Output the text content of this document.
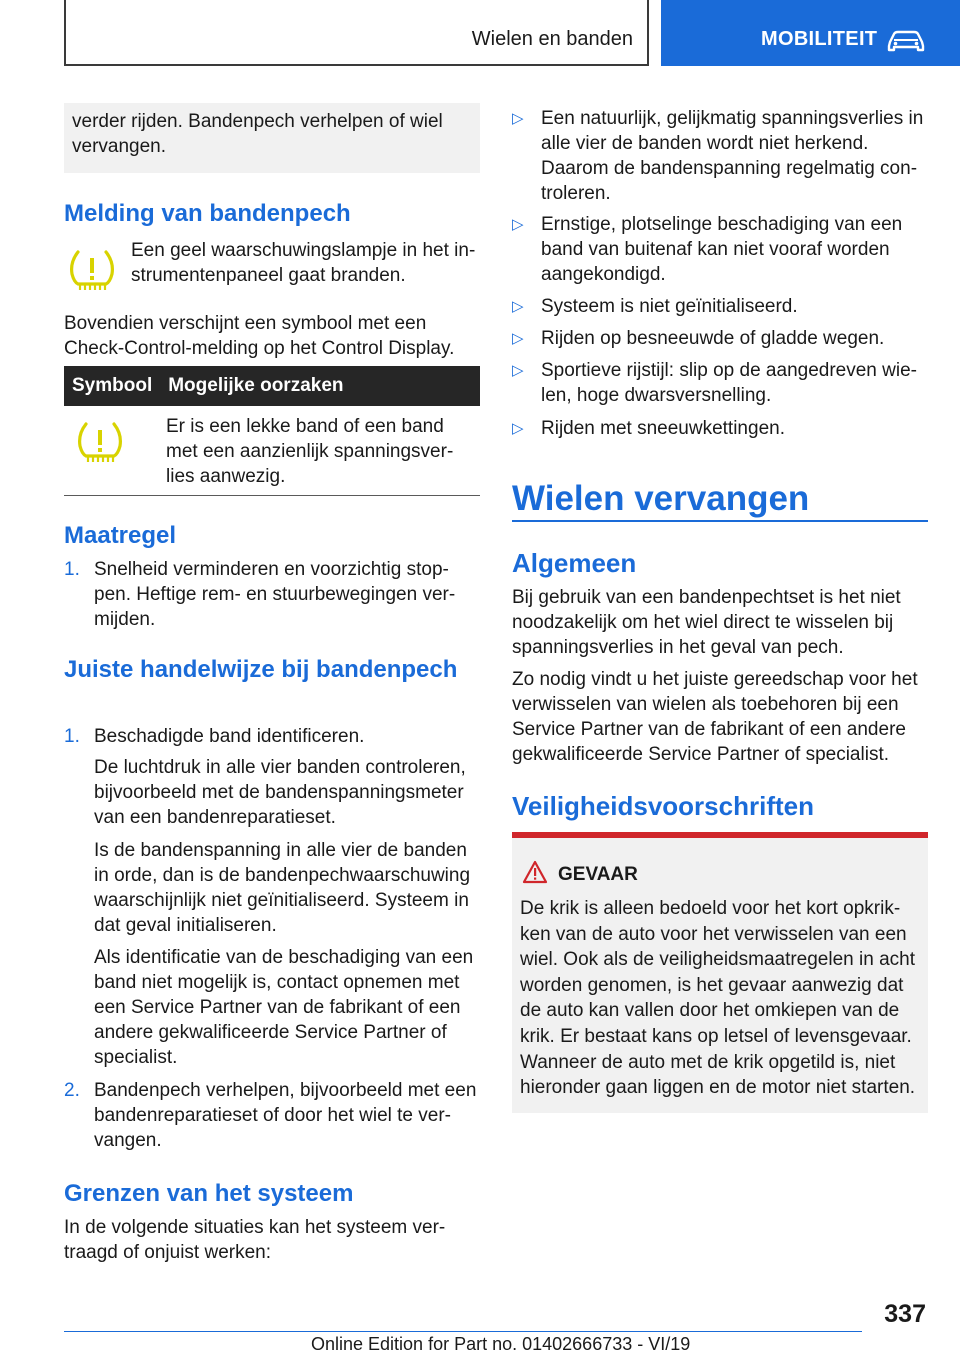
Wielen en banden	MOBILITEIT

verder rijden. Bandenpech verhelpen of wiel vervangen.

Melding van bandenpech

Een geel waarschuwingslampje in het in-strumentenpaneel gaat branden.

Bovendien verschijnt een symbool met een Check-Control-melding op het Control Display.

Symbool	Mogelijke oorzaken

Er is een lekke band of een band met een aanzienlijk spanningsver-lies aanwezig.

Maatregel
1. Snelheid verminderen en voorzichtig stop-pen. Heftige rem- en stuurbewegingen ver-mijden.

Juiste handelwijze bij bandenpech
1. Beschadigde band identificeren.

De luchtdruk in alle vier banden controleren, bijvoorbeeld met de bandenspanningsmeter van een bandenreparatieset.

Is de bandenspanning in alle vier de banden in orde, dan is de bandenpechwaarschuwing waarschijnlijk niet geïnitialiseerd. Systeem in dat geval initialiseren.

Als identificatie van de beschadiging van een band niet mogelijk is, contact opnemen met een Service Partner van de fabrikant of een andere gekwalificeerde Service Partner of specialist.

2. Bandenpech verhelpen, bijvoorbeeld met een bandenreparatieset of door het wiel te ver-vangen.

Grenzen van het systeem

In de volgende situaties kan het systeem ver-traagd of onjuist werken:

▷ Een natuurlijk, gelijkmatig spanningsverlies in alle vier de banden wordt niet herkend. Daarom de bandenspanning regelmatig con-troleren.

▷ Ernstige, plotselinge beschadiging van een band van buitenaf kan niet vooraf worden aangekondigd.

▷ Systeem is niet geïnitialiseerd.

▷ Rijden op besneeuwde of gladde wegen.

▷ Sportieve rijstijl: slip op de aangedreven wie-len, hoge dwarsversnelling.

▷ Rijden met sneeuwkettingen.

Wielen vervangen
Algemeen

Bij gebruik van een bandenpechtset is het niet noodzakelijk om het wiel direct te wisselen bij spanningsverlies in het geval van pech.

Zo nodig vindt u het juiste gereedschap voor het verwisselen van wielen als toebehoren bij een Service Partner van de fabrikant of een andere gekwalificeerde Service Partner of specialist.

Veiligheidsvoorschriften
GEVAAR

De krik is alleen bedoeld voor het kort opkrik-ken van de auto voor het verwisselen van een wiel. Ook als de veiligheidsmaatregelen in acht worden genomen, is het gevaar aanwezig dat de auto kan vallen door het omkiepen van de krik. Er bestaat kans op letsel of levensgevaar. Wanneer de auto met de krik opgetild is, niet hieronder gaan liggen en de motor niet starten.

337
Online Edition for Part no. 01402666733 - VI/19
